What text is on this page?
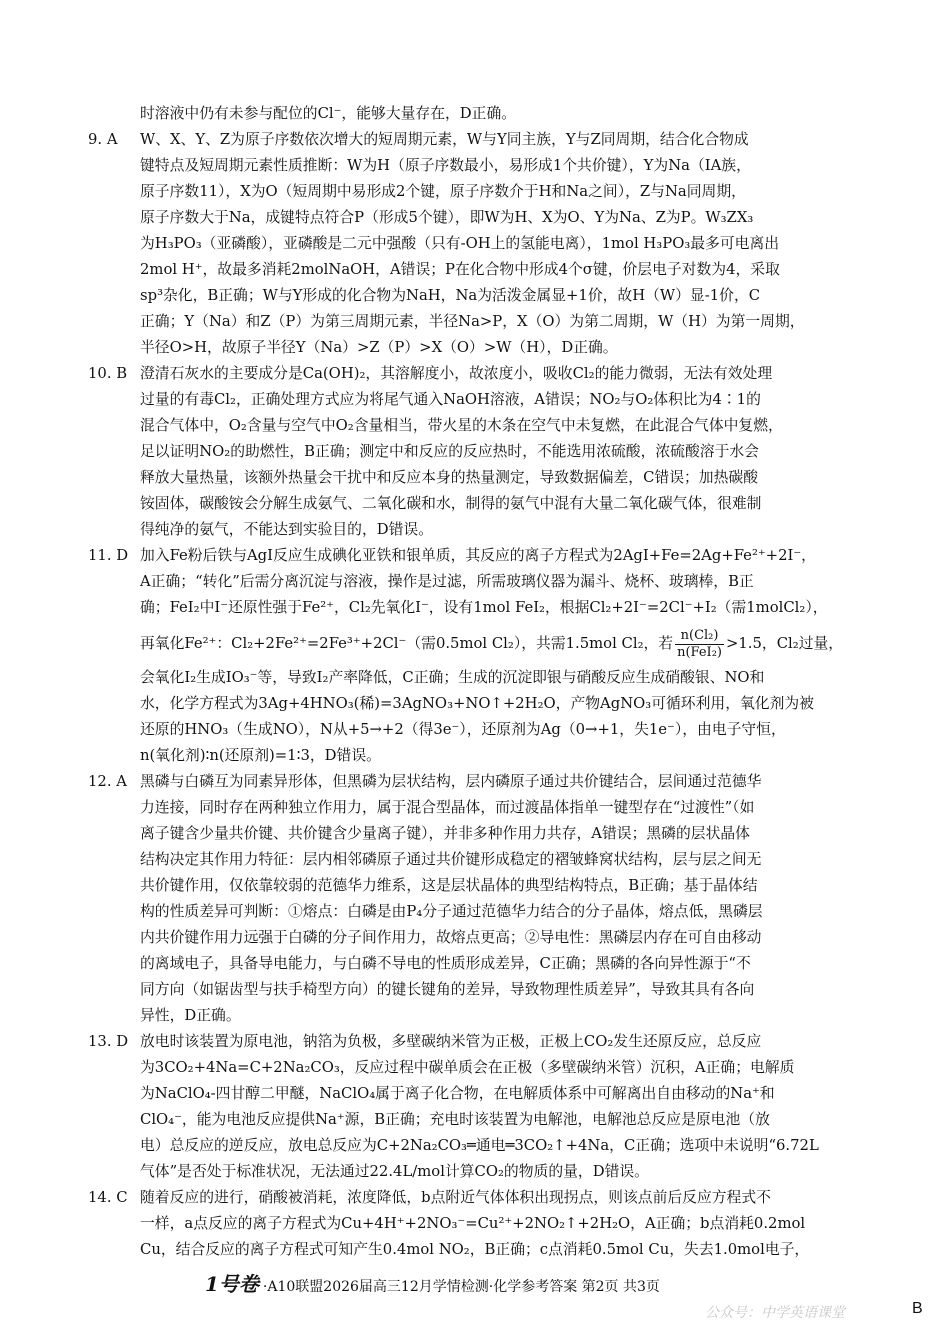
时溶液中仍有未参与配位的Cl⁻，能够大量存在，D正确。
9. A W、X、Y、Z为原子序数依次增大的短周期元素，W与Y同主族，Y与Z同周期，结合化合物成
键特点及短周期元素性质推断：W为H（原子序数最小，易形成1个共价键），Y为Na（IA族，
原子序数11），X为O（短周期中易形成2个键，原子序数介于H和Na之间），Z与Na同周期，
原子序数大于Na，成键特点符合P（形成5个键），即W为H、X为O、Y为Na、Z为P。W₃ZX₃
为H₃PO₃（亚磷酸），亚磷酸是二元中强酸（只有-OH上的氢能电离），1mol H₃PO₃最多可电离出
2mol H⁺，故最多消耗2molNaOH，A错误；P在化合物中形成4个σ键，价层电子对数为4，采取
sp³杂化，B正确；W与Y形成的化合物为NaH，Na为活泼金属显+1价，故H（W）显-1价，C
正确；Y（Na）和Z（P）为第三周期元素，半径Na>P，X（O）为第二周期，W（H）为第一周期，
半径O>H，故原子半径Y（Na）>Z（P）>X（O）>W（H），D正确。
10. B 澄清石灰水的主要成分是Ca(OH)₂，其溶解度小，故浓度小，吸收Cl₂的能力微弱，无法有效处理
过量的有毒Cl₂，正确处理方式应为将尾气通入NaOH溶液，A错误；NO₂与O₂体积比为4∶1的
混合气体中，O₂含量与空气中O₂含量相当，带火星的木条在空气中未复燃，在此混合气体中复燃，
足以证明NO₂的助燃性，B正确；测定中和反应的反应热时，不能选用浓硫酸，浓硫酸溶于水会
释放大量热量，该额外热量会干扰中和反应本身的热量测定，导致数据偏差，C错误；加热碳酸
铵固体，碳酸铵会分解生成氨气、二氧化碳和水，制得的氨气中混有大量二氧化碳气体，很难制
得纯净的氨气，不能达到实验目的，D错误。
11. D 加入Fe粉后铁与AgI反应生成碘化亚铁和银单质，其反应的离子方程式为2AgI+Fe=2Ag+Fe²⁺+2I⁻，
A正确；“转化”后需分离沉淀与溶液，操作是过滤，所需玻璃仪器为漏斗、烧杯、玻璃棒，B正
确；FeI₂中I⁻还原性强于Fe²⁺，Cl₂先氧化I⁻，设有1mol FeI₂，根据Cl₂+2I⁻=2Cl⁻+I₂（需1molCl₂），
再氧化Fe²⁺：Cl₂+2Fe²⁺=2Fe³⁺+2Cl⁻（需0.5mol Cl₂），共需1.5mol Cl₂，若 $\frac{\text{n(Cl₂)}}{\text{n(FeI₂)}} >1.5$，Cl₂过量，
会氧化I₂生成IO₃⁻等，导致I₂产率降低，C正确；生成的沉淀即银与硝酸反应生成硝酸银、NO和
水，化学方程式为3Ag+4HNO₃(稀)=3AgNO₃+NO↑+2H₂O，产物AgNO₃可循环利用，氧化剂为被
还原的HNO₃（生成NO），N从+5→+2（得3e⁻），还原剂为Ag（0→+1，失1e⁻），由电子守恒，
n(氧化剂)∶n(还原剂)=1∶3，D错误。
12. A 黑磷与白磷互为同素异形体，但黑磷为层状结构，层内磷原子通过共价键结合，层间通过范德华
力连接，同时存在两种独立作用力，属于混合型晶体，而过渡晶体指单一键型存在“过渡性”（如
离子键含少量共价键、共价键含少量离子键），并非多种作用力共存，A错误；黑磷的层状晶体
结构决定其作用力特征：层内相邻磷原子通过共价键形成稳定的褶皱蜂窝状结构，层与层之间无
共价键作用，仅依靠较弱的范德华力维系，这是层状晶体的典型结构特点，B正确；基于晶体结
构的性质差异可判断：①熔点：白磷是由P₄分子通过范德华力结合的分子晶体，熔点低，黑磷层
内共价键作用力远强于白磷的分子间作用力，故熔点更高；②导电性：黑磷层内存在可自由移动
的离域电子，具备导电能力，与白磷不导电的性质形成差异，C正确；黑磷的各向异性源于“不
同方向（如锯齿型与扶手椅型方向）的键长键角的差异，导致物理性质差异”，导致其具有各向
异性，D正确。
13. D 放电时该装置为原电池，钠箔为负极，多壁碳纳米管为正极，正极上CO₂发生还原反应，总反应
为3CO₂+4Na=C+2Na₂CO₃，反应过程中碳单质会在正极（多壁碳纳米管）沉积，A正确；电解质
为NaClO₄-四甘醇二甲醚，NaClO₄属于离子化合物，在电解质体系中可解离出自由移动的Na⁺和
ClO₄⁻，能为电池反应提供Na⁺源，B正确；充电时该装置为电解池，电解池总反应是原电池（放
电）总反应的逆反应，放电总反应为C+2Na₂CO₃═通电═3CO₂↑+4Na，C正确；选项中未说明“6.72L
气体”是否处于标准状况，无法通过22.4L/mol计算CO₂的物质的量，D错误。
14. C 随着反应的进行，硝酸被消耗，浓度降低，b点附近气体体积出现拐点，则该点前后反应方程式不
一样，a点反应的离子方程式为Cu+4H⁺+2NO₃⁻=Cu²⁺+2NO₂↑+2H₂O，A正确；b点消耗0.2mol
Cu，结合反应的离子方程式可知产生0.4mol NO₂，B正确；c点消耗0.5mol Cu，失去1.0mol电子，
1号卷 ·A10联盟2026届高三12月学情检测·化学参考答案 第2页 共3页
公众号：中学英语课堂	B
